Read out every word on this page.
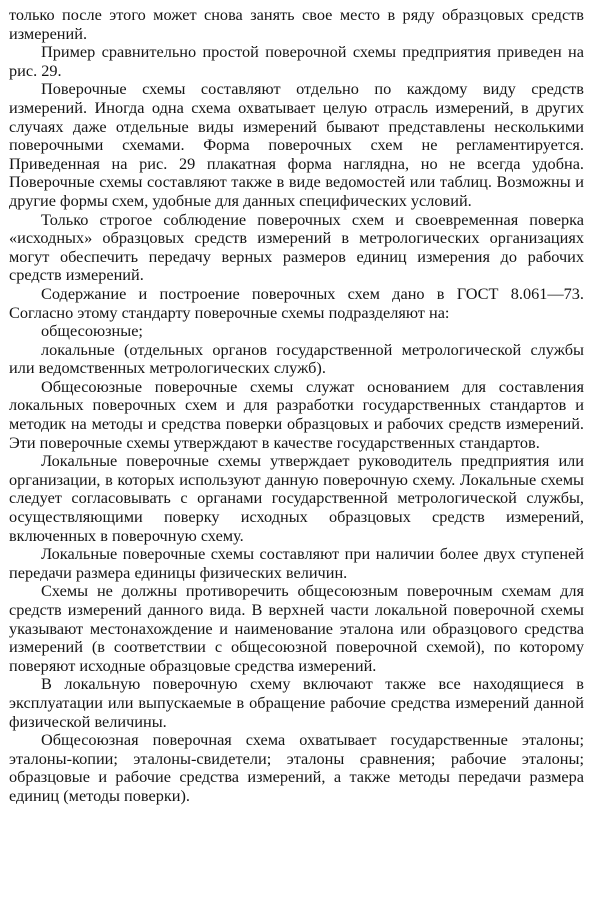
только после этого может снова занять свое место в ряду образцовых средств измерений.

Пример сравнительно простой поверочной схемы предприятия приведен на рис. 29.

Поверочные схемы составляют отдельно по каждому виду средств измерений. Иногда одна схема охватывает целую отрасль измерений, в других случаях даже отдельные виды измерений бывают представлены несколькими поверочными схемами. Форма поверочных схем не регламентируется. Приведенная на рис. 29 плакатная форма наглядна, но не всегда удобна. Поверочные схемы составляют также в виде ведомостей или таблиц. Возможны и другие формы схем, удобные для данных специфических условий.

Только строгое соблюдение поверочных схем и своевременная поверка «исходных» образцовых средств измерений в метрологических организациях могут обеспечить передачу верных размеров единиц измерения до рабочих средств измерений.

Содержание и построение поверочных схем дано в ГОСТ 8.061—73. Согласно этому стандарту поверочные схемы подразделяют на:

общесоюзные;

локальные (отдельных органов государственной метрологической службы или ведомственных метрологических служб).

Общесоюзные поверочные схемы служат основанием для составления локальных поверочных схем и для разработки государственных стандартов и методик на методы и средства поверки образцовых и рабочих средств измерений. Эти поверочные схемы утверждают в качестве государственных стандартов.

Локальные поверочные схемы утверждает руководитель предприятия или организации, в которых используют данную поверочную схему. Локальные схемы следует согласовывать с органами государственной метрологической службы, осуществляющими поверку исходных образцовых средств измерений, включенных в поверочную схему.

Локальные поверочные схемы составляют при наличии более двух ступеней передачи размера единицы физических величин.

Схемы не должны противоречить общесоюзным поверочным схемам для средств измерений данного вида. В верхней части локальной поверочной схемы указывают местонахождение и наименование эталона или образцового средства измерений (в соответствии с общесоюзной поверочной схемой), по которому поверяют исходные образцовые средства измерений.

В локальную поверочную схему включают также все находящиеся в эксплуатации или выпускаемые в обращение рабочие средства измерений данной физической величины.

Общесоюзная поверочная схема охватывает государственные эталоны; эталоны-копии; эталоны-свидетели; эталоны сравнения; рабочие эталоны; образцовые и рабочие средства измерений, а также методы передачи размера единиц (методы поверки).
